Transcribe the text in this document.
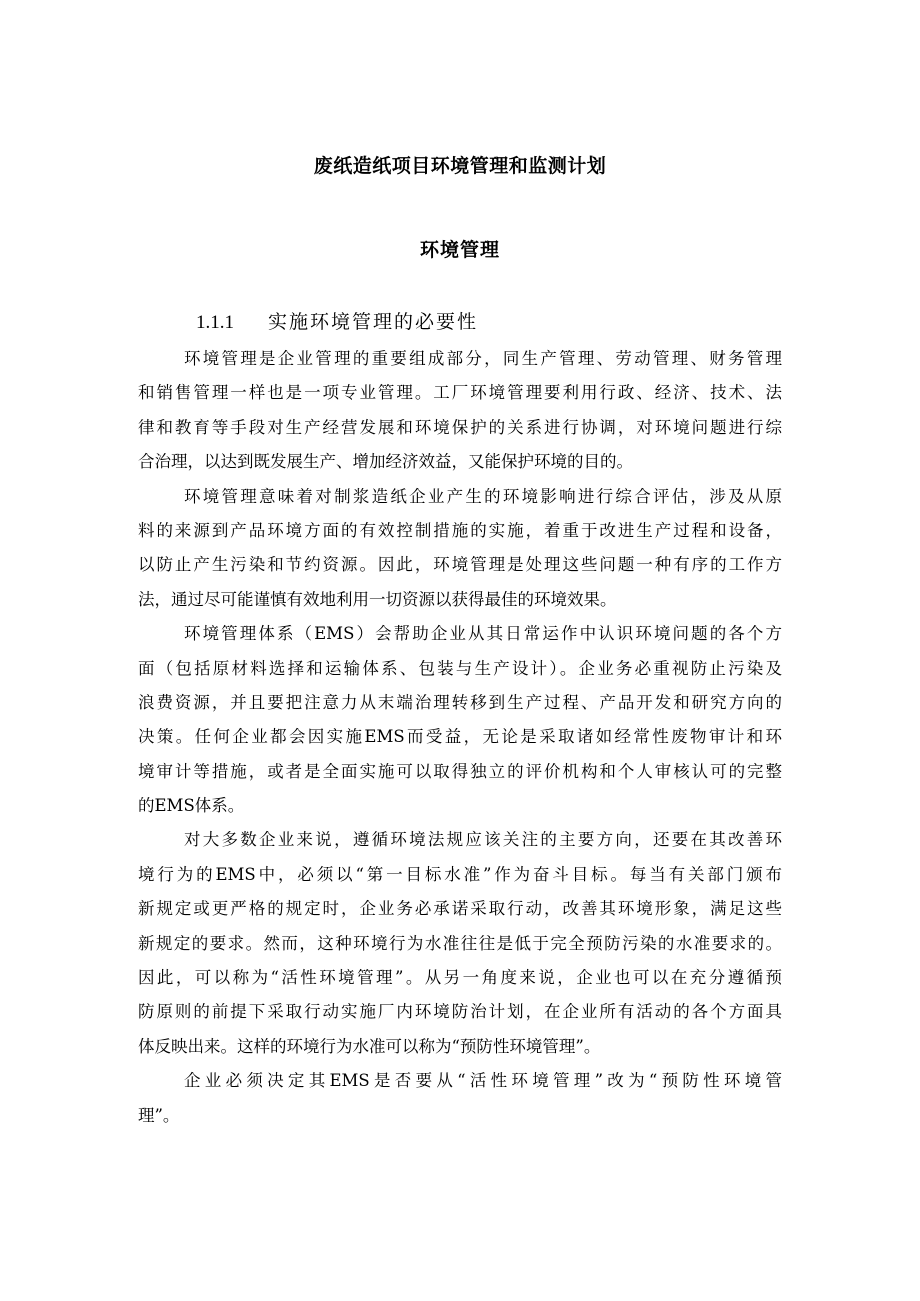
废纸造纸项目环境管理和监测计划
环境管理
1.1.1 实施环境管理的必要性
环境管理是企业管理的重要组成部分，同生产管理、劳动管理、财务管理
和销售管理一样也是一项专业管理。工厂环境管理要利用行政、经济、技术、法
律和教育等手段对生产经营发展和环境保护的关系进行协调，对环境问题进行综
合治理，以达到既发展生产、增加经济效益，又能保护环境的目的。
环境管理意味着对制浆造纸企业产生的环境影响进行综合评估，涉及从原
料的来源到产品环境方面的有效控制措施的实施，着重于改进生产过程和设备，
以防止产生污染和节约资源。因此，环境管理是处理这些问题一种有序的工作方
法，通过尽可能谨慎有效地利用一切资源以获得最佳的环境效果。
环境管理体系（EMS）会帮助企业从其日常运作中认识环境问题的各个方
面（包括原材料选择和运输体系、包装与生产设计）。企业务必重视防止污染及
浪费资源，并且要把注意力从末端治理转移到生产过程、产品开发和研究方向的
决策。任何企业都会因实施EMS而受益，无论是采取诸如经常性废物审计和环
境审计等措施，或者是全面实施可以取得独立的评价机构和个人审核认可的完整
的EMS体系。
对大多数企业来说，遵循环境法规应该关注的主要方向，还要在其改善环
境行为的EMS中，必须以“第一目标水准”作为奋斗目标。每当有关部门颁布
新规定或更严格的规定时，企业务必承诺采取行动，改善其环境形象，满足这些
新规定的要求。然而，这种环境行为水准往往是低于完全预防污染的水准要求的。
因此，可以称为“活性环境管理”。从另一角度来说，企业也可以在充分遵循预
防原则的前提下采取行动实施厂内环境防治计划，在企业所有活动的各个方面具
体反映出来。这样的环境行为水准可以称为“预防性环境管理”。
企业必须决定其EMS是否要从“活性环境管理”改为“预防性环境管
理”。
